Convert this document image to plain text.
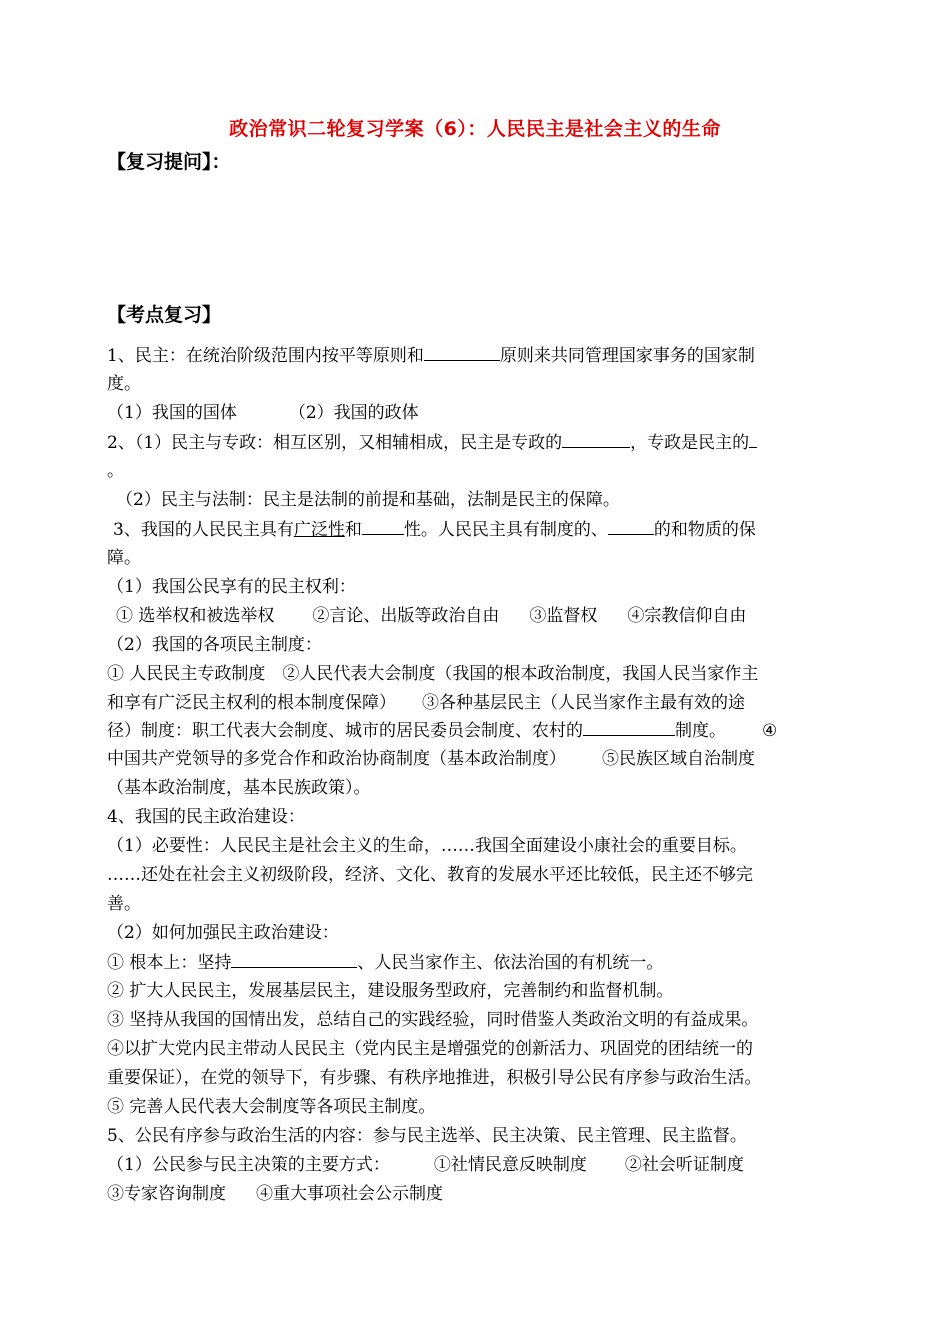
政治常识二轮复习学案（6）：人民民主是社会主义的生命
【复习提问】：
【考点复习】
1、民主：在统治阶级范围内按平等原则和	原则来共同管理国家事务的国家制
度。
（1）我国的国体	（2）我国的政体
2、（1）民主与专政：相互区别，又相辅相成，民主是专政的	，专政是民主的
。
（2）民主与法制：民主是法制的前提和基础，法制是民主的保障。
3、我国的人民民主具有广泛性和 性。人民民主具有制度的、	的和物质的保
障。
（1）我国公民享有的民主权利：
① 选举权和被选举权 ②言论、出版等政治自由 ③监督权 ④宗教信仰自由
（2）我国的各项民主制度：
① 人民民主专政制度　②人民代表大会制度（我国的根本政治制度，我国人民当家作主
和享有广泛民主权利的根本制度保障） ③各种基层民主（人民当家作主最有效的途
径）制度：职工代表大会制度、城市的居民委员会制度、农村的	制度。 ④
中国共产党领导的多党合作和政治协商制度（基本政治制度） ⑤民族区域自治制度
（基本政治制度，基本民族政策）。
4、我国的民主政治建设：
（1）必要性：人民民主是社会主义的生命，……我国全面建设小康社会的重要目标。
……还处在社会主义初级阶段，经济、文化、教育的发展水平还比较低，民主还不够完
善。
（2）如何加强民主政治建设：
① 根本上：坚持	、人民当家作主、依法治国的有机统一。
② 扩大人民民主，发展基层民主，建设服务型政府，完善制约和监督机制。
③ 坚持从我国的国情出发，总结自己的实践经验，同时借鉴人类政治文明的有益成果。
④以扩大党内民主带动人民民主（党内民主是增强党的创新活力、巩固党的团结统一的
重要保证），在党的领导下，有步骤、有秩序地推进，积极引导公民有序参与政治生活。
⑤ 完善人民代表大会制度等各项民主制度。
5、公民有序参与政治生活的内容：参与民主选举、民主决策、民主管理、民主监督。
（1）公民参与民主决策的主要方式：	①社情民意反映制度 ②社会听证制度
③专家咨询制度 ④重大事项社会公示制度
